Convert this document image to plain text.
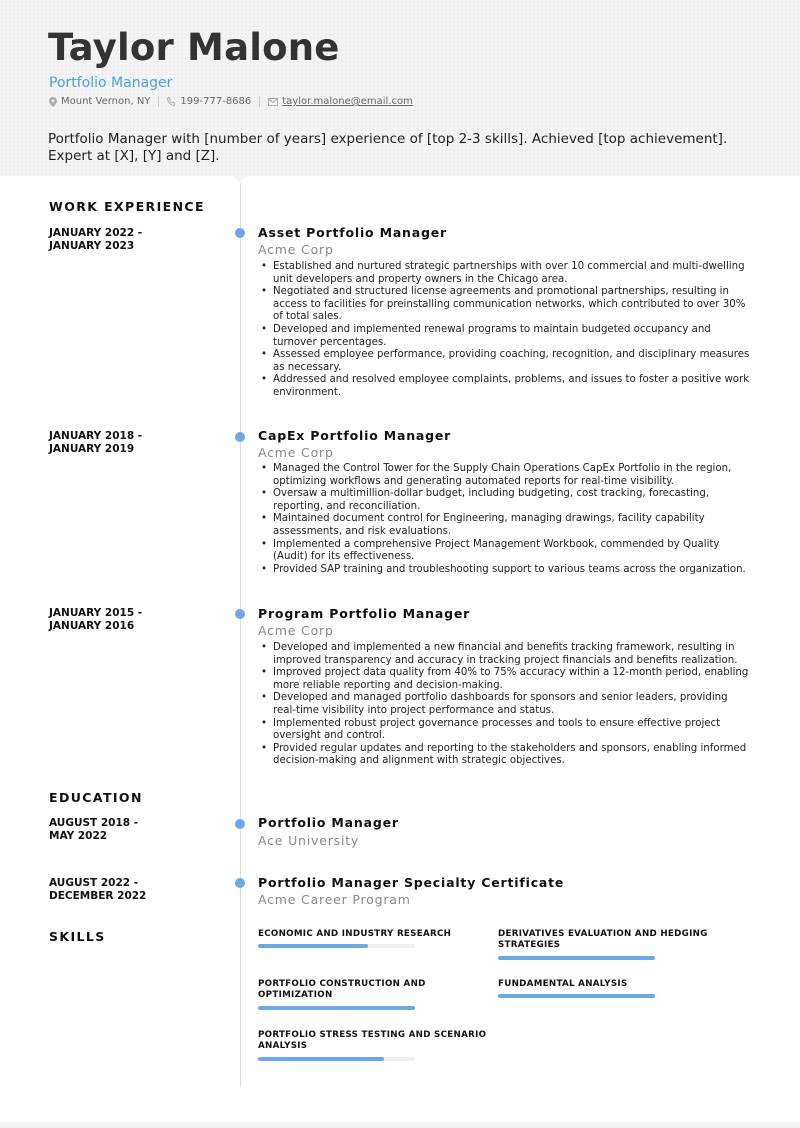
Taylor Malone
Portfolio Manager
Mount Vernon, NY	199-777-8686	taylor.malone@email.com
Portfolio Manager with [number of years] experience of [top 2-3 skills]. Achieved [top achievement]. Expert at [X], [Y] and [Z].
WORK EXPERIENCE
JANUARY 2022 -
JANUARY 2023
Asset Portfolio Manager
Acme Corp
• Established and nurtured strategic partnerships with over 10 commercial and multi-dwelling unit developers and property owners in the Chicago area.
• Negotiated and structured license agreements and promotional partnerships, resulting in access to facilities for preinstalling communication networks, which contributed to over 30% of total sales.
• Developed and implemented renewal programs to maintain budgeted occupancy and turnover percentages.
• Assessed employee performance, providing coaching, recognition, and disciplinary measures as necessary.
• Addressed and resolved employee complaints, problems, and issues to foster a positive work environment.
JANUARY 2018 -
JANUARY 2019
CapEx Portfolio Manager
Acme Corp
• Managed the Control Tower for the Supply Chain Operations CapEx Portfolio in the region, optimizing workflows and generating automated reports for real-time visibility.
• Oversaw a multimillion-dollar budget, including budgeting, cost tracking, forecasting, reporting, and reconciliation.
• Maintained document control for Engineering, managing drawings, facility capability assessments, and risk evaluations.
• Implemented a comprehensive Project Management Workbook, commended by Quality (Audit) for its effectiveness.
• Provided SAP training and troubleshooting support to various teams across the organization.
JANUARY 2015 -
JANUARY 2016
Program Portfolio Manager
Acme Corp
• Developed and implemented a new financial and benefits tracking framework, resulting in improved transparency and accuracy in tracking project financials and benefits realization.
• Improved project data quality from 40% to 75% accuracy within a 12-month period, enabling more reliable reporting and decision-making.
• Developed and managed portfolio dashboards for sponsors and senior leaders, providing real-time visibility into project performance and status.
• Implemented robust project governance processes and tools to ensure effective project oversight and control.
• Provided regular updates and reporting to the stakeholders and sponsors, enabling informed decision-making and alignment with strategic objectives.
EDUCATION
AUGUST 2018 -
MAY 2022
Portfolio Manager
Ace University
AUGUST 2022 -
DECEMBER 2022
Portfolio Manager Specialty Certificate
Acme Career Program
SKILLS	ECONOMIC AND INDUSTRY RESEARCH	DERIVATIVES EVALUATION AND HEDGING STRATEGIES
PORTFOLIO CONSTRUCTION AND OPTIMIZATION
FUNDAMENTAL ANALYSIS
PORTFOLIO STRESS TESTING AND SCENARIO ANALYSIS
